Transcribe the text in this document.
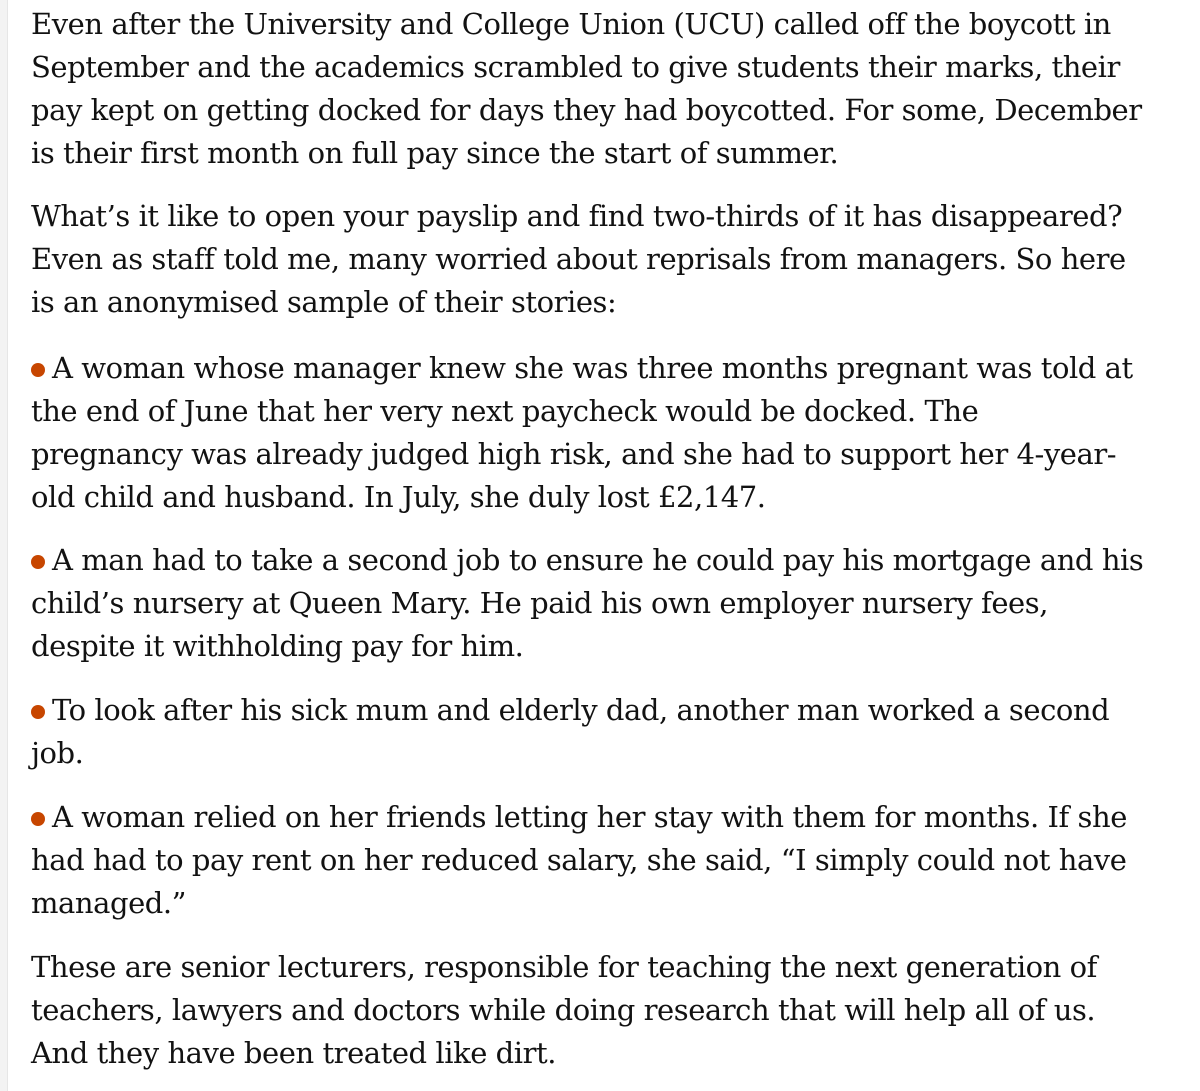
Even after the University and College Union (UCU) called off the boycott in
September and the academics scrambled to give students their marks, their
pay kept on getting docked for days they had boycotted. For some, December
is their first month on full pay since the start of summer.

What’s it like to open your payslip and find two-thirds of it has disappeared?
Even as staff told me, many worried about reprisals from managers. So here
is an anonymised sample of their stories:

A woman whose manager knew she was three months pregnant was told at
the end of June that her very next paycheck would be docked. The
pregnancy was already judged high risk, and she had to support her 4-year-
old child and husband. In July, she duly lost £2,147.

A man had to take a second job to ensure he could pay his mortgage and his
child’s nursery at Queen Mary. He paid his own employer nursery fees,
despite it withholding pay for him.

To look after his sick mum and elderly dad, another man worked a second
job.

A woman relied on her friends letting her stay with them for months. If she
had had to pay rent on her reduced salary, she said, “I simply could not have
managed.”

These are senior lecturers, responsible for teaching the next generation of
teachers, lawyers and doctors while doing research that will help all of us.
And they have been treated like dirt.
